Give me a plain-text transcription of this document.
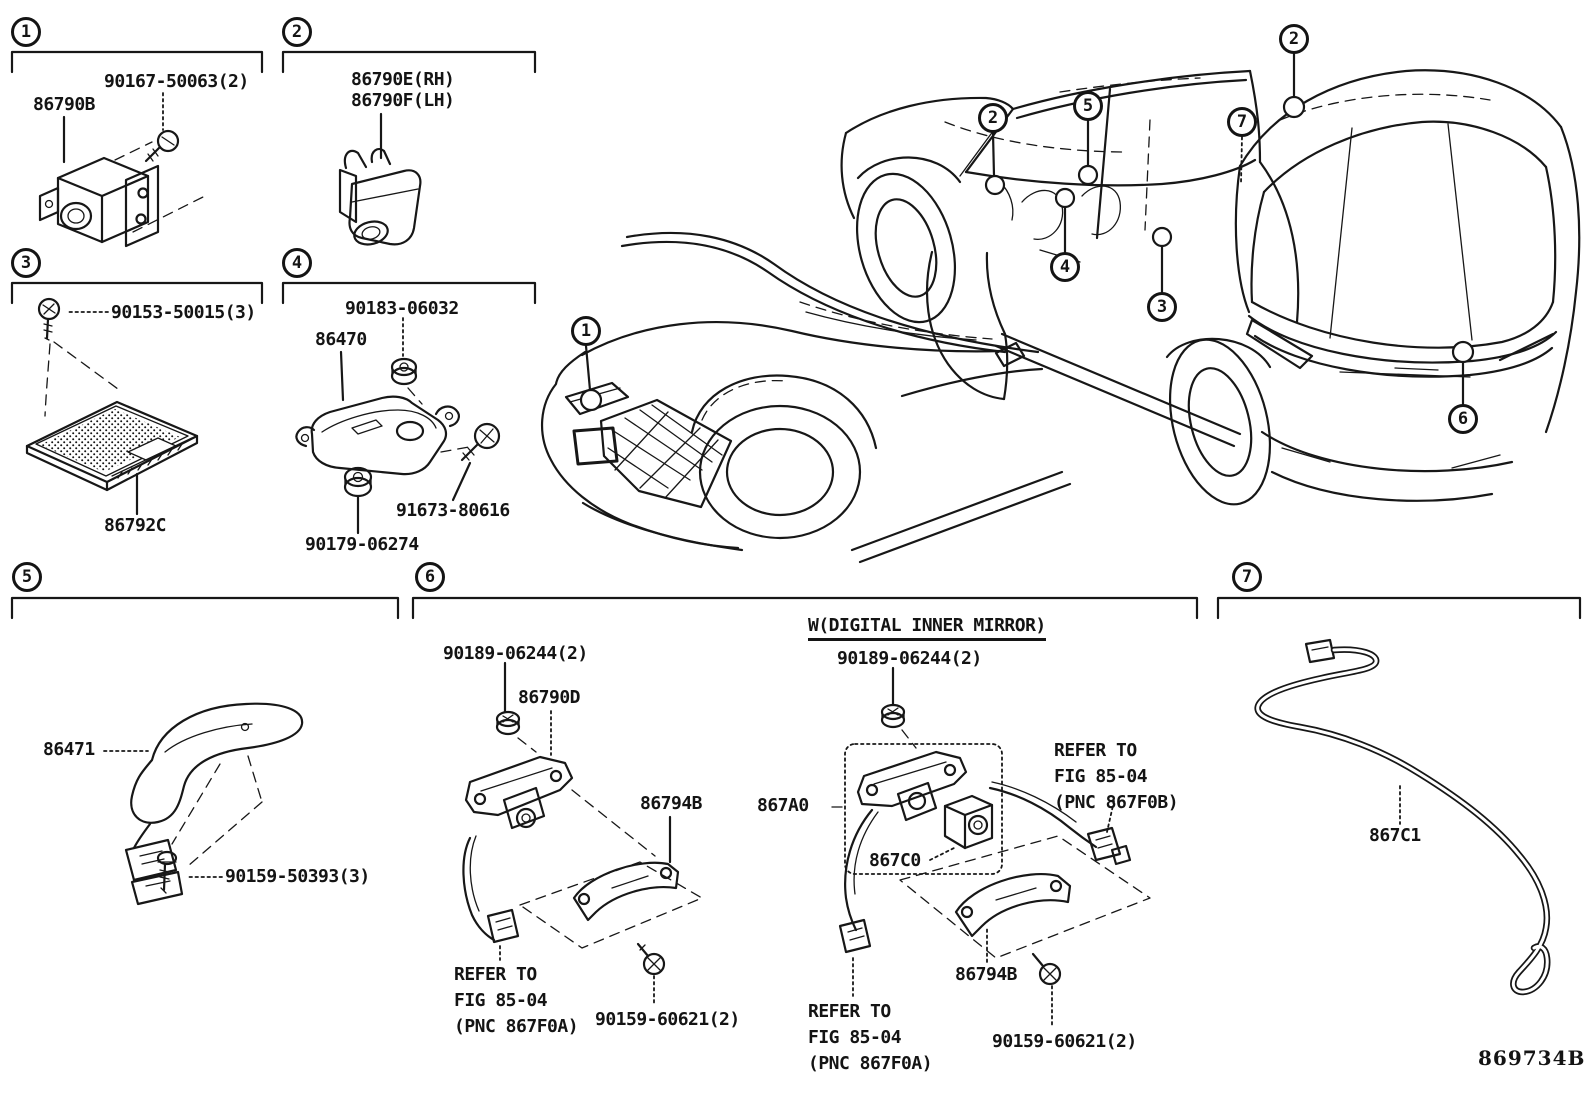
90167-50063(2)
86790B
86790E(RH)
86790F(LH)
90153-50015(3)
86792C
90183-06032
86470
91673-80616
90179-06274
86471
90159-50393(3)
90189-06244(2)
86790D
86794B
REFER TO
FIG 85-04
(PNC 867F0A) 90159-60621(2)
W(DIGITAL INNER MIRROR)
90189-06244(2)
867A0
867C0
REFER TO
FIG 85-04
(PNC 867F0B)
86794B
REFER TO
FIG 85-04
(PNC 867F0A)
90159-60621(2)
867C1
869734B
1	2
3	4
5	6	7
1
2
5
4
3
7
2
6
